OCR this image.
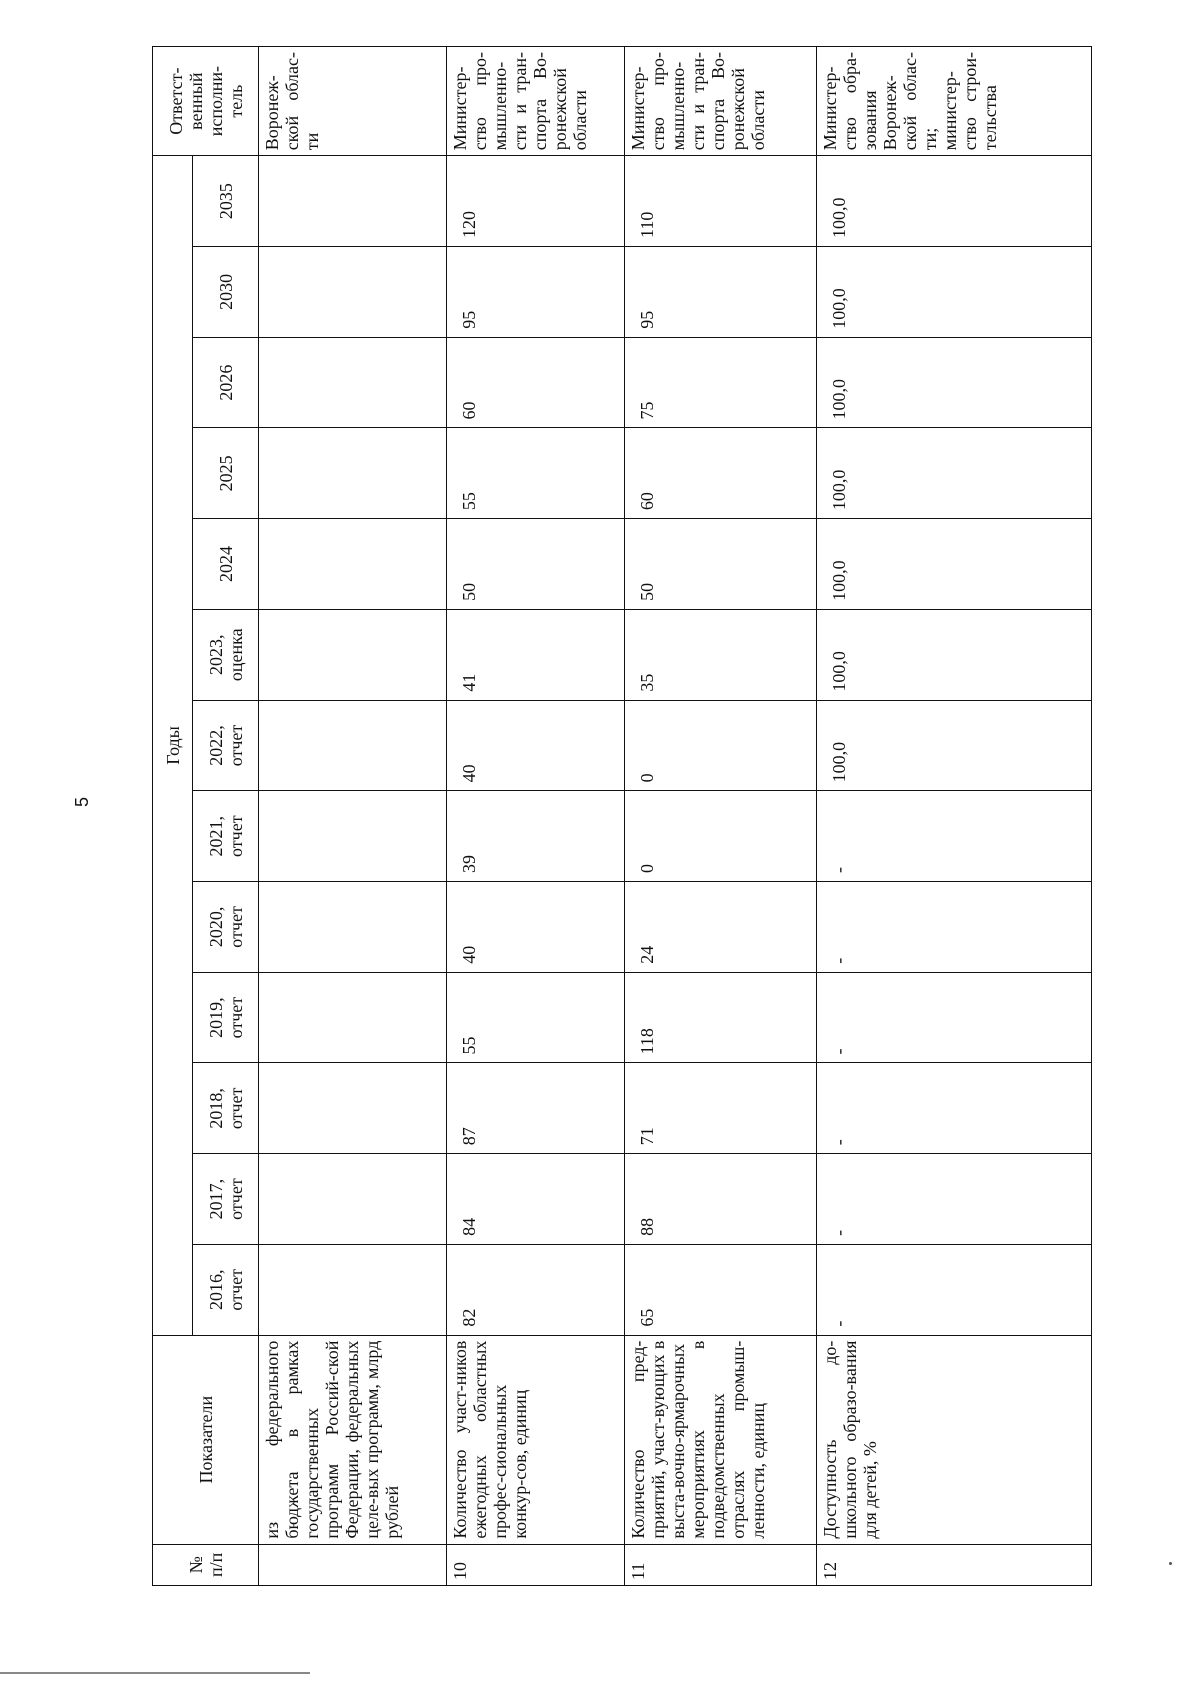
5
№ п/п	Показатели	Годы													Ответст-венный исполни-тель
		2016, отчет	2017, отчет	2018, отчет	2019, отчет	2020, отчет	2021, отчет	2022, отчет	2023, оценка	2024	2025	2026	2030	2035	
	из федерального бюджета в рамках государственных программ Россий-ской Федерации, федеральных целе-вых программ, млрд рублей														Воронеж-ской облас-ти
10	Количество участ-ников ежегодных областных профес-сиональных конкур-сов, единиц	82	84	87	55	40	39	40	41	50	55	60	95	120	Министер-ство про-мышленно-сти и тран-спорта Во-ронежской области
11	Количество пред-приятий, участ-вующих в выста-вочно-ярмарочных мероприятиях в подведомственных отраслях промыш-ленности, единиц	65	88	71	118	24	0	0	35	50	60	75	95	110	Министер-ство про-мышленно-сти и тран-спорта Во-ронежской области
12	Доступность до-школьного образо-вания для детей, %	-	-	-	-	-	-	100,0	100,0	100,0	100,0	100,0	100,0	100,0	Министер-ство обра-зования Воронеж-ской облас-ти; министер-ство строи-тельства
